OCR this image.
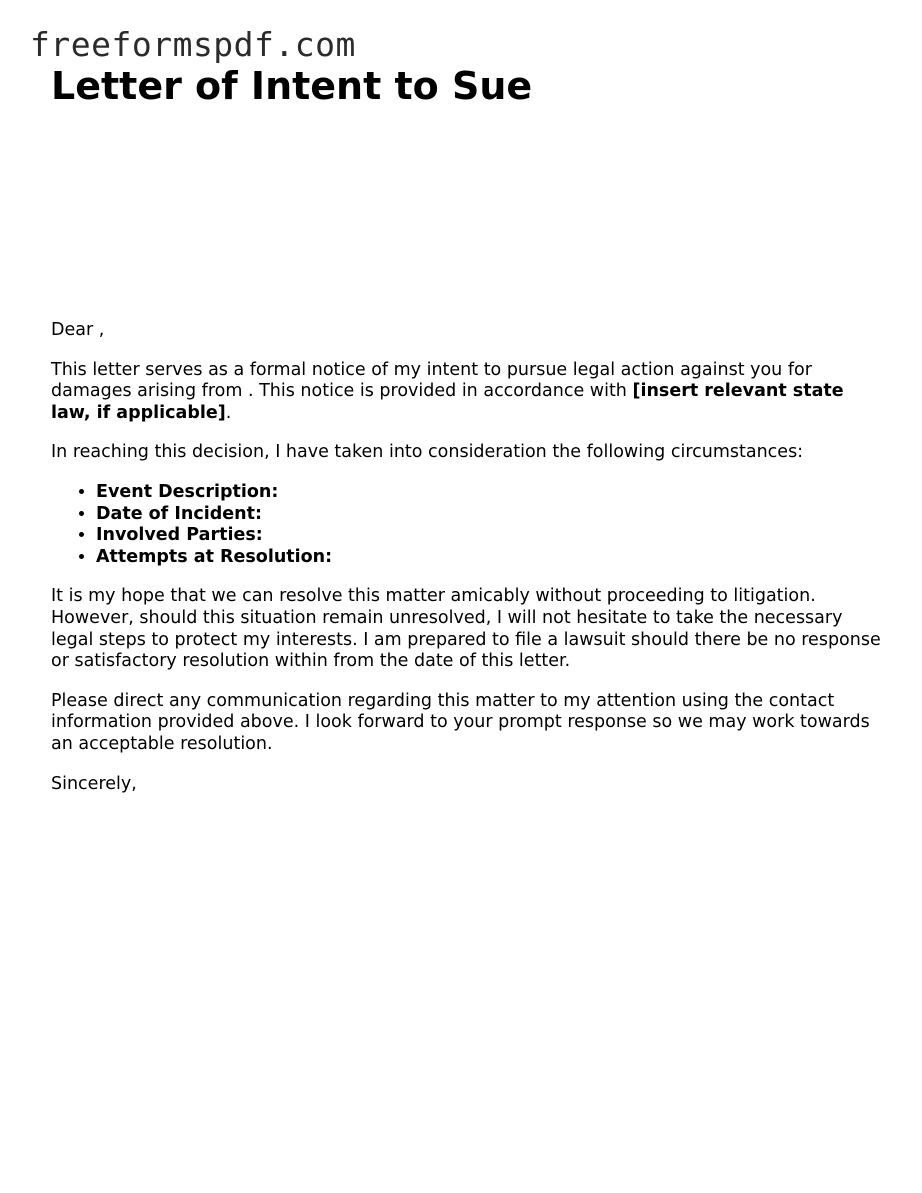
freeformspdf.com
Letter of Intent to Sue

Dear ,

This letter serves as a formal notice of my intent to pursue legal action against you for damages arising from . This notice is provided in accordance with [insert relevant state law, if applicable].

In reaching this decision, I have taken into consideration the following circumstances:

• Event Description:
• Date of Incident:
• Involved Parties:
• Attempts at Resolution:

It is my hope that we can resolve this matter amicably without proceeding to litigation. However, should this situation remain unresolved, I will not hesitate to take the necessary legal steps to protect my interests. I am prepared to file a lawsuit should there be no response or satisfactory resolution within from the date of this letter.

Please direct any communication regarding this matter to my attention using the contact information provided above. I look forward to your prompt response so we may work towards an acceptable resolution.

Sincerely,
